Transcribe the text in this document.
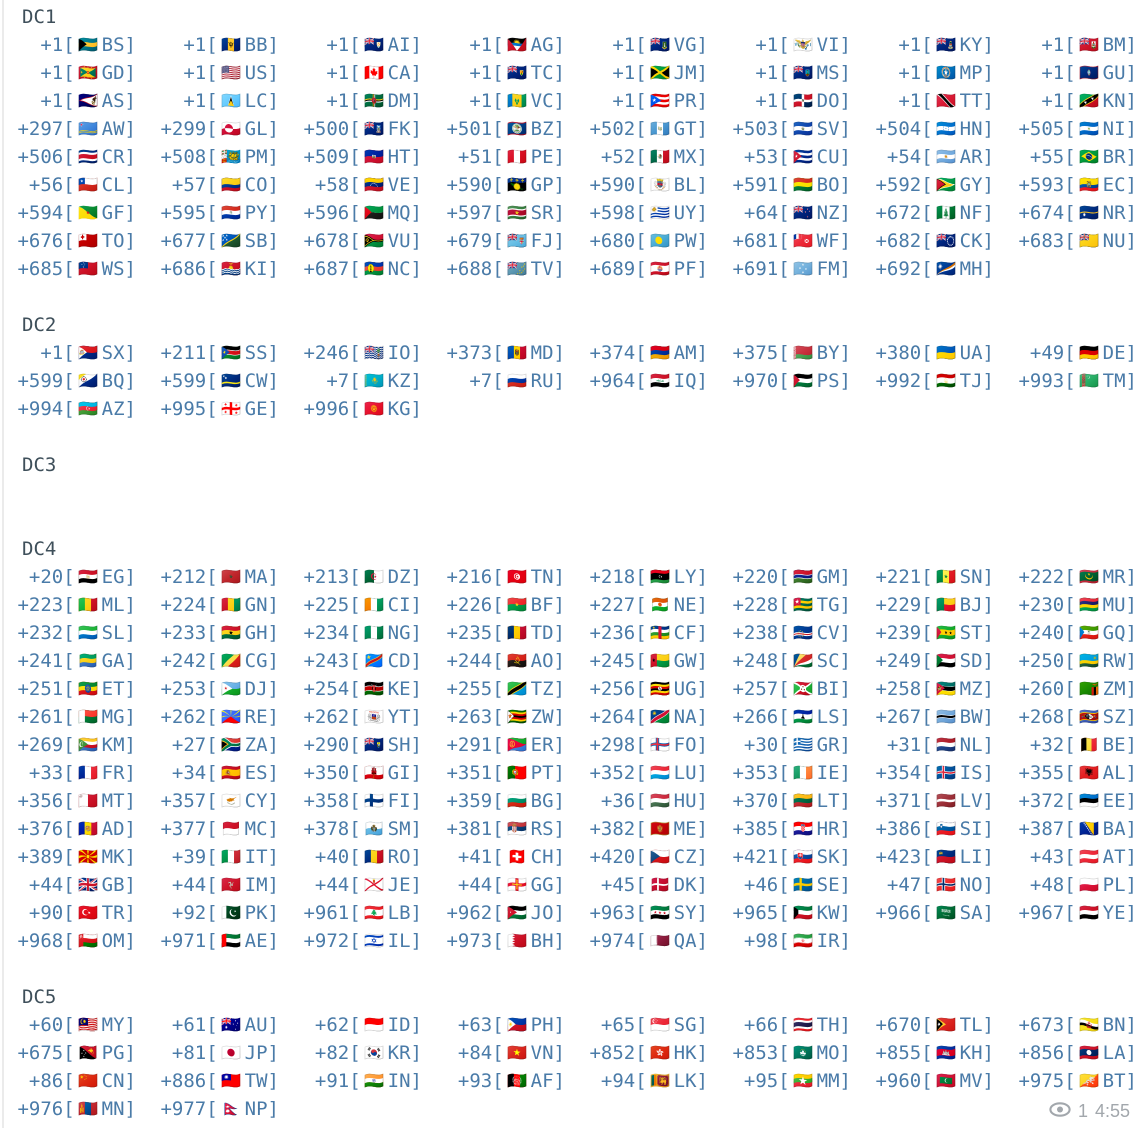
DC1
+1[ 🇧🇸 BS]	+1[ 🇧🇧 BB]	+1[ 🇦🇮 AI]	+1[ 🇦🇬 AG]	+1[ 🇻🇬 VG]	+1[ 🇻🇮 VI]	+1[ 🇰🇾 KY]	+1[ 🇧🇲 BM]
+1[ 🇬🇩 GD]	+1[ 🇺🇸 US]	+1[ 🇨🇦 CA]	+1[ 🇹🇨 TC]	+1[ 🇯🇲 JM]	+1[ 🇲🇸 MS]	+1[ 🇲🇵 MP]	+1[ 🇬🇺 GU]
+1[ 🇦🇸 AS]	+1[ 🇱🇨 LC]	+1[ 🇩🇲 DM]	+1[ 🇻🇨 VC]	+1[ 🇵🇷 PR]	+1[ 🇩🇴 DO]	+1[ 🇹🇹 TT]	+1[ 🇰🇳 KN]
+297[ 🇦🇼 AW]	+299[ 🇬🇱 GL]	+500[ 🇫🇰 FK]	+501[ 🇧🇿 BZ]	+502[ 🇬🇹 GT]	+503[ 🇸🇻 SV]	+504[ 🇭🇳 HN]	+505[ 🇳🇮 NI]
+506[ 🇨🇷 CR]	+508[ 🇵🇲 PM]	+509[ 🇭🇹 HT]	+51[ 🇵🇪 PE]	+52[ 🇲🇽 MX]	+53[ 🇨🇺 CU]	+54[ 🇦🇷 AR]	+55[ 🇧🇷 BR]
+56[ 🇨🇱 CL]	+57[ 🇨🇴 CO]	+58[ 🇻🇪 VE]	+590[ 🇬🇵 GP]	+590[ 🇧🇱 BL]	+591[ 🇧🇴 BO]	+592[ 🇬🇾 GY]	+593[ 🇪🇨 EC]
+594[ 🇬🇫 GF]	+595[ 🇵🇾 PY]	+596[ 🇲🇶 MQ]	+597[ 🇸🇷 SR]	+598[ 🇺🇾 UY]	+64[ 🇳🇿 NZ]	+672[ 🇳🇫 NF]	+674[ 🇳🇷 NR]
+676[ 🇹🇴 TO]	+677[ 🇸🇧 SB]	+678[ 🇻🇺 VU]	+679[ 🇫🇯 FJ]	+680[ 🇵🇼 PW]	+681[ 🇼🇫 WF]	+682[ 🇨🇰 CK]	+683[ 🇳🇺 NU]
+685[ 🇼🇸 WS]	+686[ 🇰🇮 KI]	+687[ 🇳🇨 NC]	+688[ 🇹🇻 TV]	+689[ 🇵🇫 PF]	+691[ 🇫🇲 FM]	+692[ 🇲🇭 MH]
DC2
+1[ 🇸🇽 SX]	+211[ 🇸🇸 SS]	+246[ 🇮🇴 IO]	+373[ 🇲🇩 MD]	+374[ 🇦🇲 AM]	+375[ 🇧🇾 BY]	+380[ 🇺🇦 UA]	+49[ 🇩🇪 DE]
+599[ 🇧🇶 BQ]	+599[ 🇨🇼 CW]	+7[ 🇰🇿 KZ]	+7[ 🇷🇺 RU]	+964[ 🇮🇶 IQ]	+970[ 🇵🇸 PS]	+992[ 🇹🇯 TJ]	+993[ 🇹🇲 TM]
+994[ 🇦🇿 AZ]	+995[ 🇬🇪 GE]	+996[ 🇰🇬 KG]
DC3
DC4
+20[ 🇪🇬 EG]	+212[ 🇲🇦 MA]	+213[ 🇩🇿 DZ]	+216[ 🇹🇳 TN]	+218[ 🇱🇾 LY]	+220[ 🇬🇲 GM]	+221[ 🇸🇳 SN]	+222[ 🇲🇷 MR]
+223[ 🇲🇱 ML]	+224[ 🇬🇳 GN]	+225[ 🇨🇮 CI]	+226[ 🇧🇫 BF]	+227[ 🇳🇪 NE]	+228[ 🇹🇬 TG]	+229[ 🇧🇯 BJ]	+230[ 🇲🇺 MU]
+232[ 🇸🇱 SL]	+233[ 🇬🇭 GH]	+234[ 🇳🇬 NG]	+235[ 🇹🇩 TD]	+236[ 🇨🇫 CF]	+238[ 🇨🇻 CV]	+239[ 🇸🇹 ST]	+240[ 🇬🇶 GQ]
+241[ 🇬🇦 GA]	+242[ 🇨🇬 CG]	+243[ 🇨🇩 CD]	+244[ 🇦🇴 AO]	+245[ 🇬🇼 GW]	+248[ 🇸🇨 SC]	+249[ 🇸🇩 SD]	+250[ 🇷🇼 RW]
+251[ 🇪🇹 ET]	+253[ 🇩🇯 DJ]	+254[ 🇰🇪 KE]	+255[ 🇹🇿 TZ]	+256[ 🇺🇬 UG]	+257[ 🇧🇮 BI]	+258[ 🇲🇿 MZ]	+260[ 🇿🇲 ZM]
+261[ 🇲🇬 MG]	+262[ 🇷🇪 RE]	+262[ 🇾🇹 YT]	+263[ 🇿🇼 ZW]	+264[ 🇳🇦 NA]	+266[ 🇱🇸 LS]	+267[ 🇧🇼 BW]	+268[ 🇸🇿 SZ]
+269[ 🇰🇲 KM]	+27[ 🇿🇦 ZA]	+290[ 🇸🇭 SH]	+291[ 🇪🇷 ER]	+298[ 🇫🇴 FO]	+30[ 🇬🇷 GR]	+31[ 🇳🇱 NL]	+32[ 🇧🇪 BE]
+33[ 🇫🇷 FR]	+34[ 🇪🇸 ES]	+350[ 🇬🇮 GI]	+351[ 🇵🇹 PT]	+352[ 🇱🇺 LU]	+353[ 🇮🇪 IE]	+354[ 🇮🇸 IS]	+355[ 🇦🇱 AL]
+356[ 🇲🇹 MT]	+357[ 🇨🇾 CY]	+358[ 🇫🇮 FI]	+359[ 🇧🇬 BG]	+36[ 🇭🇺 HU]	+370[ 🇱🇹 LT]	+371[ 🇱🇻 LV]	+372[ 🇪🇪 EE]
+376[ 🇦🇩 AD]	+377[ 🇲🇨 MC]	+378[ 🇸🇲 SM]	+381[ 🇷🇸 RS]	+382[ 🇲🇪 ME]	+385[ 🇭🇷 HR]	+386[ 🇸🇮 SI]	+387[ 🇧🇦 BA]
+389[ 🇲🇰 MK]	+39[ 🇮🇹 IT]	+40[ 🇷🇴 RO]	+41[ 🇨🇭 CH]	+420[ 🇨🇿 CZ]	+421[ 🇸🇰 SK]	+423[ 🇱🇮 LI]	+43[ 🇦🇹 AT]
+44[ 🇬🇧 GB]	+44[ 🇮🇲 IM]	+44[ 🇯🇪 JE]	+44[ 🇬🇬 GG]	+45[ 🇩🇰 DK]	+46[ 🇸🇪 SE]	+47[ 🇳🇴 NO]	+48[ 🇵🇱 PL]
+90[ 🇹🇷 TR]	+92[ 🇵🇰 PK]	+961[ 🇱🇧 LB]	+962[ 🇯🇴 JO]	+963[ 🇸🇾 SY]	+965[ 🇰🇼 KW]	+966[ 🇸🇦 SA]	+967[ 🇾🇪 YE]
+968[ 🇴🇲 OM]	+971[ 🇦🇪 AE]	+972[ 🇮🇱 IL]	+973[ 🇧🇭 BH]	+974[ 🇶🇦 QA]	+98[ 🇮🇷 IR]
DC5
+60[ 🇲🇾 MY]	+61[ 🇦🇺 AU]	+62[ 🇮🇩 ID]	+63[ 🇵🇭 PH]	+65[ 🇸🇬 SG]	+66[ 🇹🇭 TH]	+670[ 🇹🇱 TL]	+673[ 🇧🇳 BN]
+675[ 🇵🇬 PG]	+81[ 🇯🇵 JP]	+82[ 🇰🇷 KR]	+84[ 🇻🇳 VN]	+852[ 🇭🇰 HK]	+853[ 🇲🇴 MO]	+855[ 🇰🇭 KH]	+856[ 🇱🇦 LA]
+86[ 🇨🇳 CN]	+886[ 🇹🇼 TW]	+91[ 🇮🇳 IN]	+93[ 🇦🇫 AF]	+94[ 🇱🇰 LK]	+95[ 🇲🇲 MM]	+960[ 🇲🇻 MV]	+975[ 🇧🇹 BT]
+976[ 🇲🇳 MN]	+977[ 🇳🇵 NP]	1 4:55
